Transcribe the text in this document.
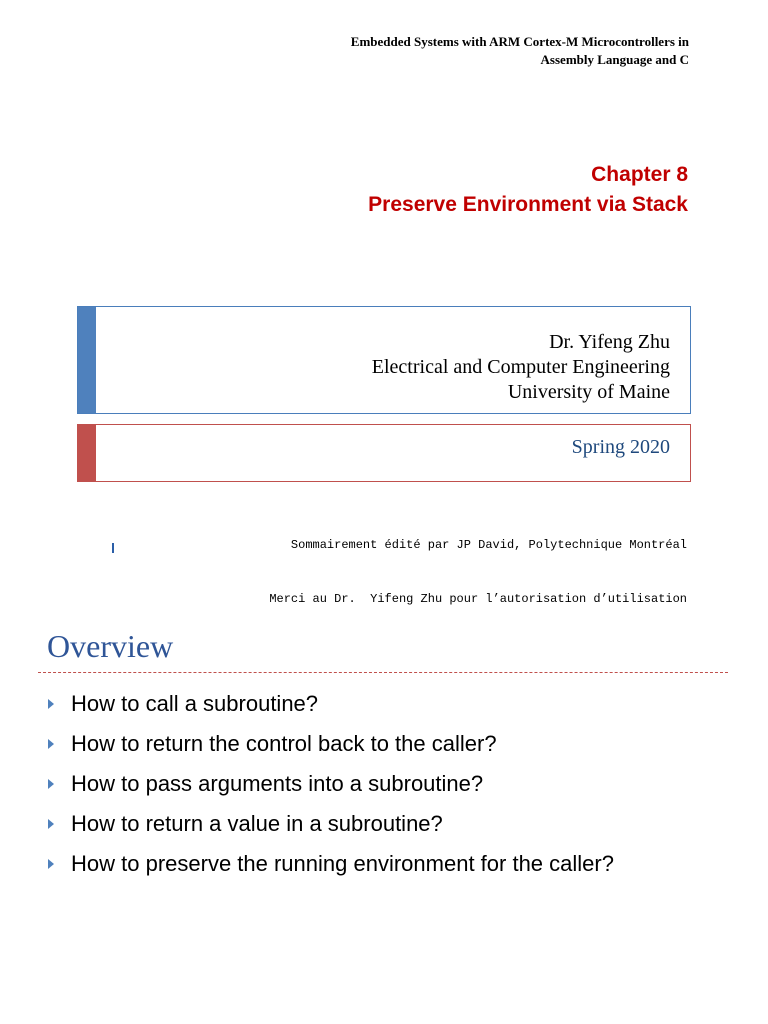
Embedded Systems with ARM Cortex-M Microcontrollers in
Assembly Language and C
Chapter 8
Preserve Environment via Stack
Dr. Yifeng Zhu
Electrical and Computer Engineering
University of Maine
Spring 2020

Sommairement édité par JP David, Polytechnique Montréal

Merci au Dr.  Yifeng Zhu pour l’autorisation d’utilisation

Overview
How to call a subroutine?
How to return the control back to the caller?
How to pass arguments into a subroutine?
How to return a value in a subroutine?
How to preserve the running environment for the caller?
